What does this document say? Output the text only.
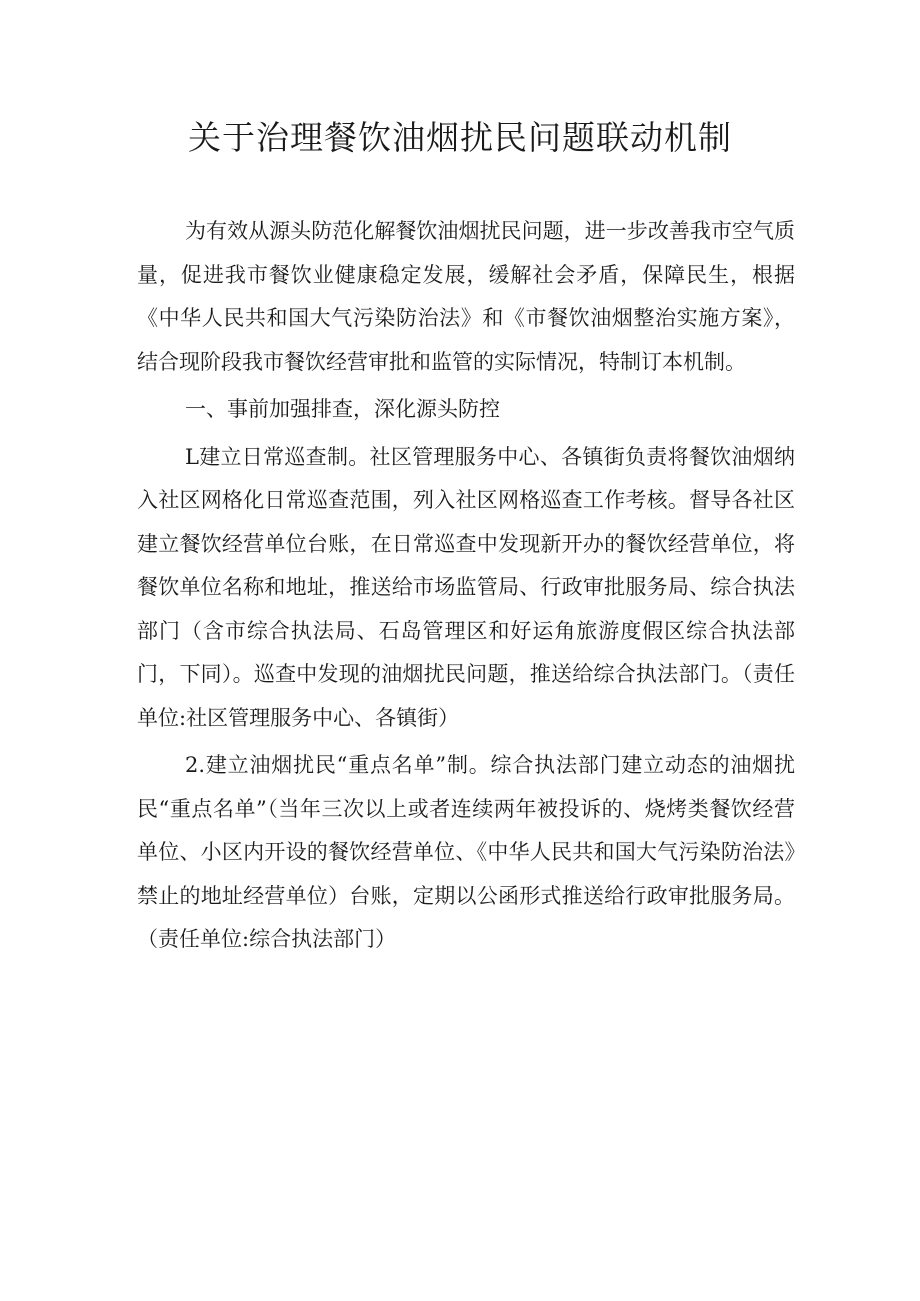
关于治理餐饮油烟扰民问题联动机制

为有效从源头防范化解餐饮油烟扰民问题，进一步改善我市空气质量，促进我市餐饮业健康稳定发展，缓解社会矛盾，保障民生，根据《中华人民共和国大气污染防治法》和《市餐饮油烟整治实施方案》，结合现阶段我市餐饮经营审批和监管的实际情况，特制订本机制。

一、事前加强排查，深化源头防控

L建立日常巡查制。社区管理服务中心、各镇街负责将餐饮油烟纳入社区网格化日常巡查范围，列入社区网格巡查工作考核。督导各社区建立餐饮经营单位台账，在日常巡查中发现新开办的餐饮经营单位，将餐饮单位名称和地址，推送给市场监管局、行政审批服务局、综合执法部门（含市综合执法局、石岛管理区和好运角旅游度假区综合执法部门，下同）。巡查中发现的油烟扰民问题，推送给综合执法部门。（责任单位:社区管理服务中心、各镇街）

2.建立油烟扰民“重点名单”制。综合执法部门建立动态的油烟扰民“重点名单”（当年三次以上或者连续两年被投诉的、烧烤类餐饮经营单位、小区内开设的餐饮经营单位、《中华人民共和国大气污染防治法》禁止的地址经营单位）台账，定期以公函形式推送给行政审批服务局。（责任单位:综合执法部门）
